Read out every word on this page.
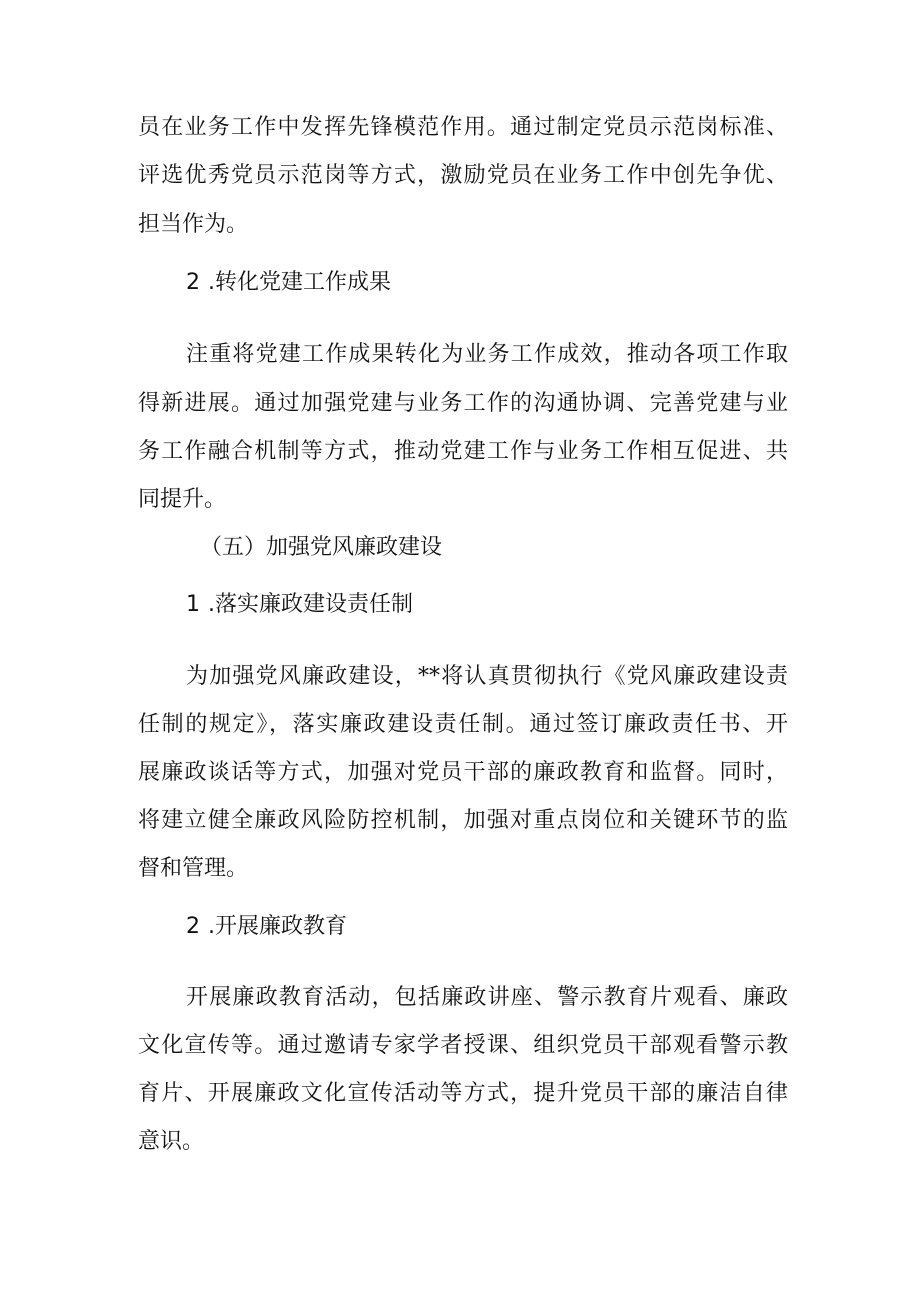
员在业务工作中发挥先锋模范作用。通过制定党员示范岗标准、
评选优秀党员示范岗等方式，激励党员在业务工作中创先争优、
担当作为。
2 .转化党建工作成果
注重将党建工作成果转化为业务工作成效，推动各项工作取
得新进展。通过加强党建与业务工作的沟通协调、完善党建与业
务工作融合机制等方式，推动党建工作与业务工作相互促进、共
同提升。
（五）加强党风廉政建设
1 .落实廉政建设责任制
为加强党风廉政建设，**将认真贯彻执行《党风廉政建设责
任制的规定》，落实廉政建设责任制。通过签订廉政责任书、开
展廉政谈话等方式，加强对党员干部的廉政教育和监督。同时，
将建立健全廉政风险防控机制，加强对重点岗位和关键环节的监
督和管理。
2 .开展廉政教育
开展廉政教育活动，包括廉政讲座、警示教育片观看、廉政
文化宣传等。通过邀请专家学者授课、组织党员干部观看警示教
育片、开展廉政文化宣传活动等方式，提升党员干部的廉洁自律
意识。
